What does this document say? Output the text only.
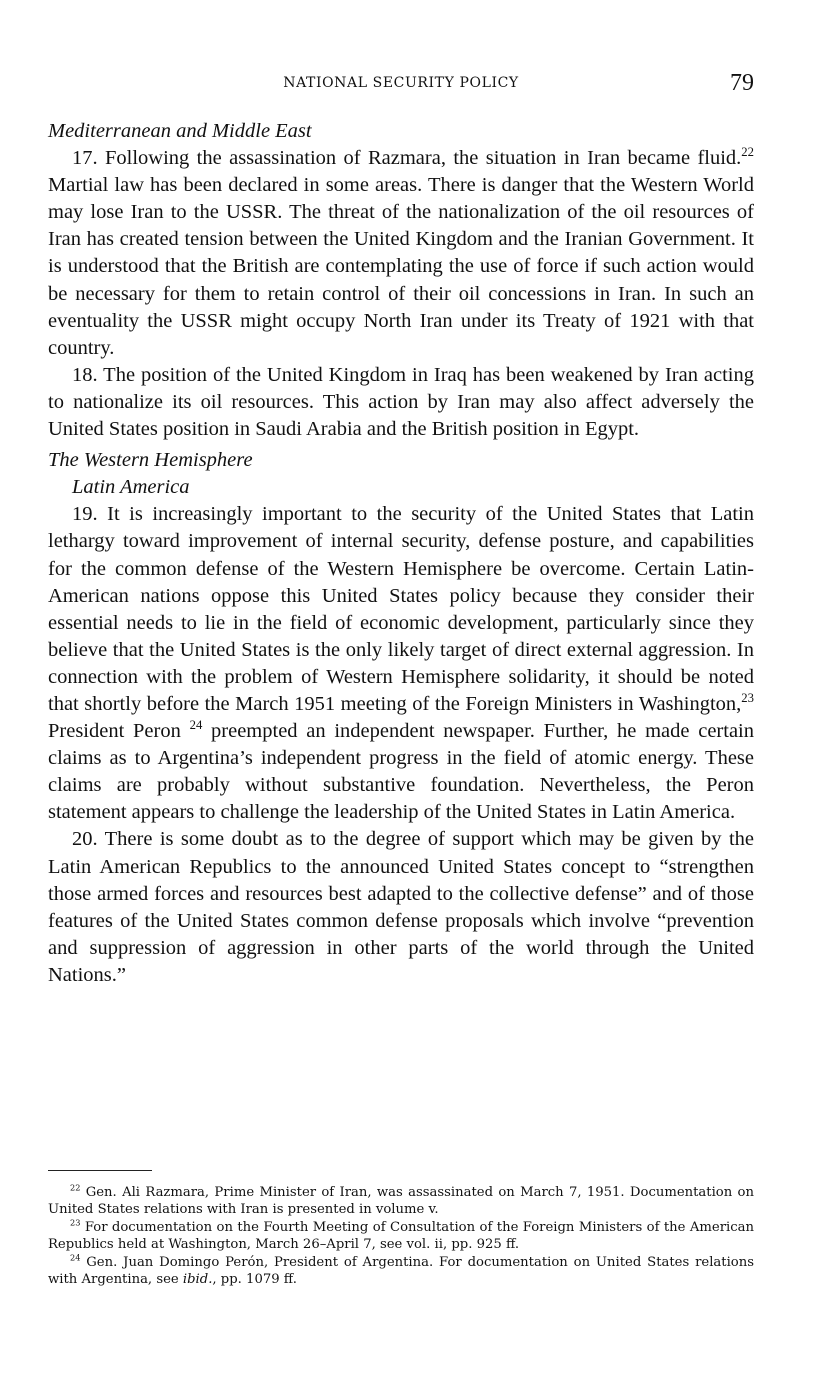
NATIONAL SECURITY POLICY	79
Mediterranean and Middle East

17. Following the assassination of Razmara, the situation in Iran became fluid.$^{22}$ Martial law has been declared in some areas. There is danger that the Western World may lose Iran to the USSR. The threat of the nationalization of the oil resources of Iran has created tension between the United Kingdom and the Iranian Government. It is understood that the British are contemplating the use of force if such action would be necessary for them to retain control of their oil concessions in Iran. In such an eventuality the USSR might occupy North Iran under its Treaty of 1921 with that country.

18. The position of the United Kingdom in Iraq has been weakened by Iran acting to nationalize its oil resources. This action by Iran may also affect adversely the United States position in Saudi Arabia and the British position in Egypt.

The Western Hemisphere
Latin America

19. It is increasingly important to the security of the United States that Latin lethargy toward improvement of internal security, defense posture, and capabilities for the common defense of the Western Hemisphere be overcome. Certain Latin-American nations oppose this United States policy because they consider their essential needs to lie in the field of economic development, particularly since they believe that the United States is the only likely target of direct external aggression. In connection with the problem of Western Hemisphere solidarity, it should be noted that shortly before the March 1951 meeting of the Foreign Ministers in Washington,$^{23}$ President Peron $^{24}$ preempted an independent newspaper. Further, he made certain claims as to Argentina’s independent progress in the field of atomic energy. These claims are probably without substantive foundation. Nevertheless, the Peron statement appears to challenge the leadership of the United States in Latin America.

20. There is some doubt as to the degree of support which may be given by the Latin American Republics to the announced United States concept to “strengthen those armed forces and resources best adapted to the collective defense” and of those features of the United States common defense proposals which involve “prevention and suppression of aggression in other parts of the world through the United Nations.”

$^{22}$ Gen. Ali Razmara, Prime Minister of Iran, was assassinated on March 7, 1951. Documentation on United States relations with Iran is presented in volume v.

$^{23}$ For documentation on the Fourth Meeting of Consultation of the Foreign Ministers of the American Republics held at Washington, March 26–April 7, see vol. ii, pp. 925 ff.

$^{24}$ Gen. Juan Domingo Perón, President of Argentina. For documentation on United States relations with Argentina, see ibid., pp. 1079 ff.
